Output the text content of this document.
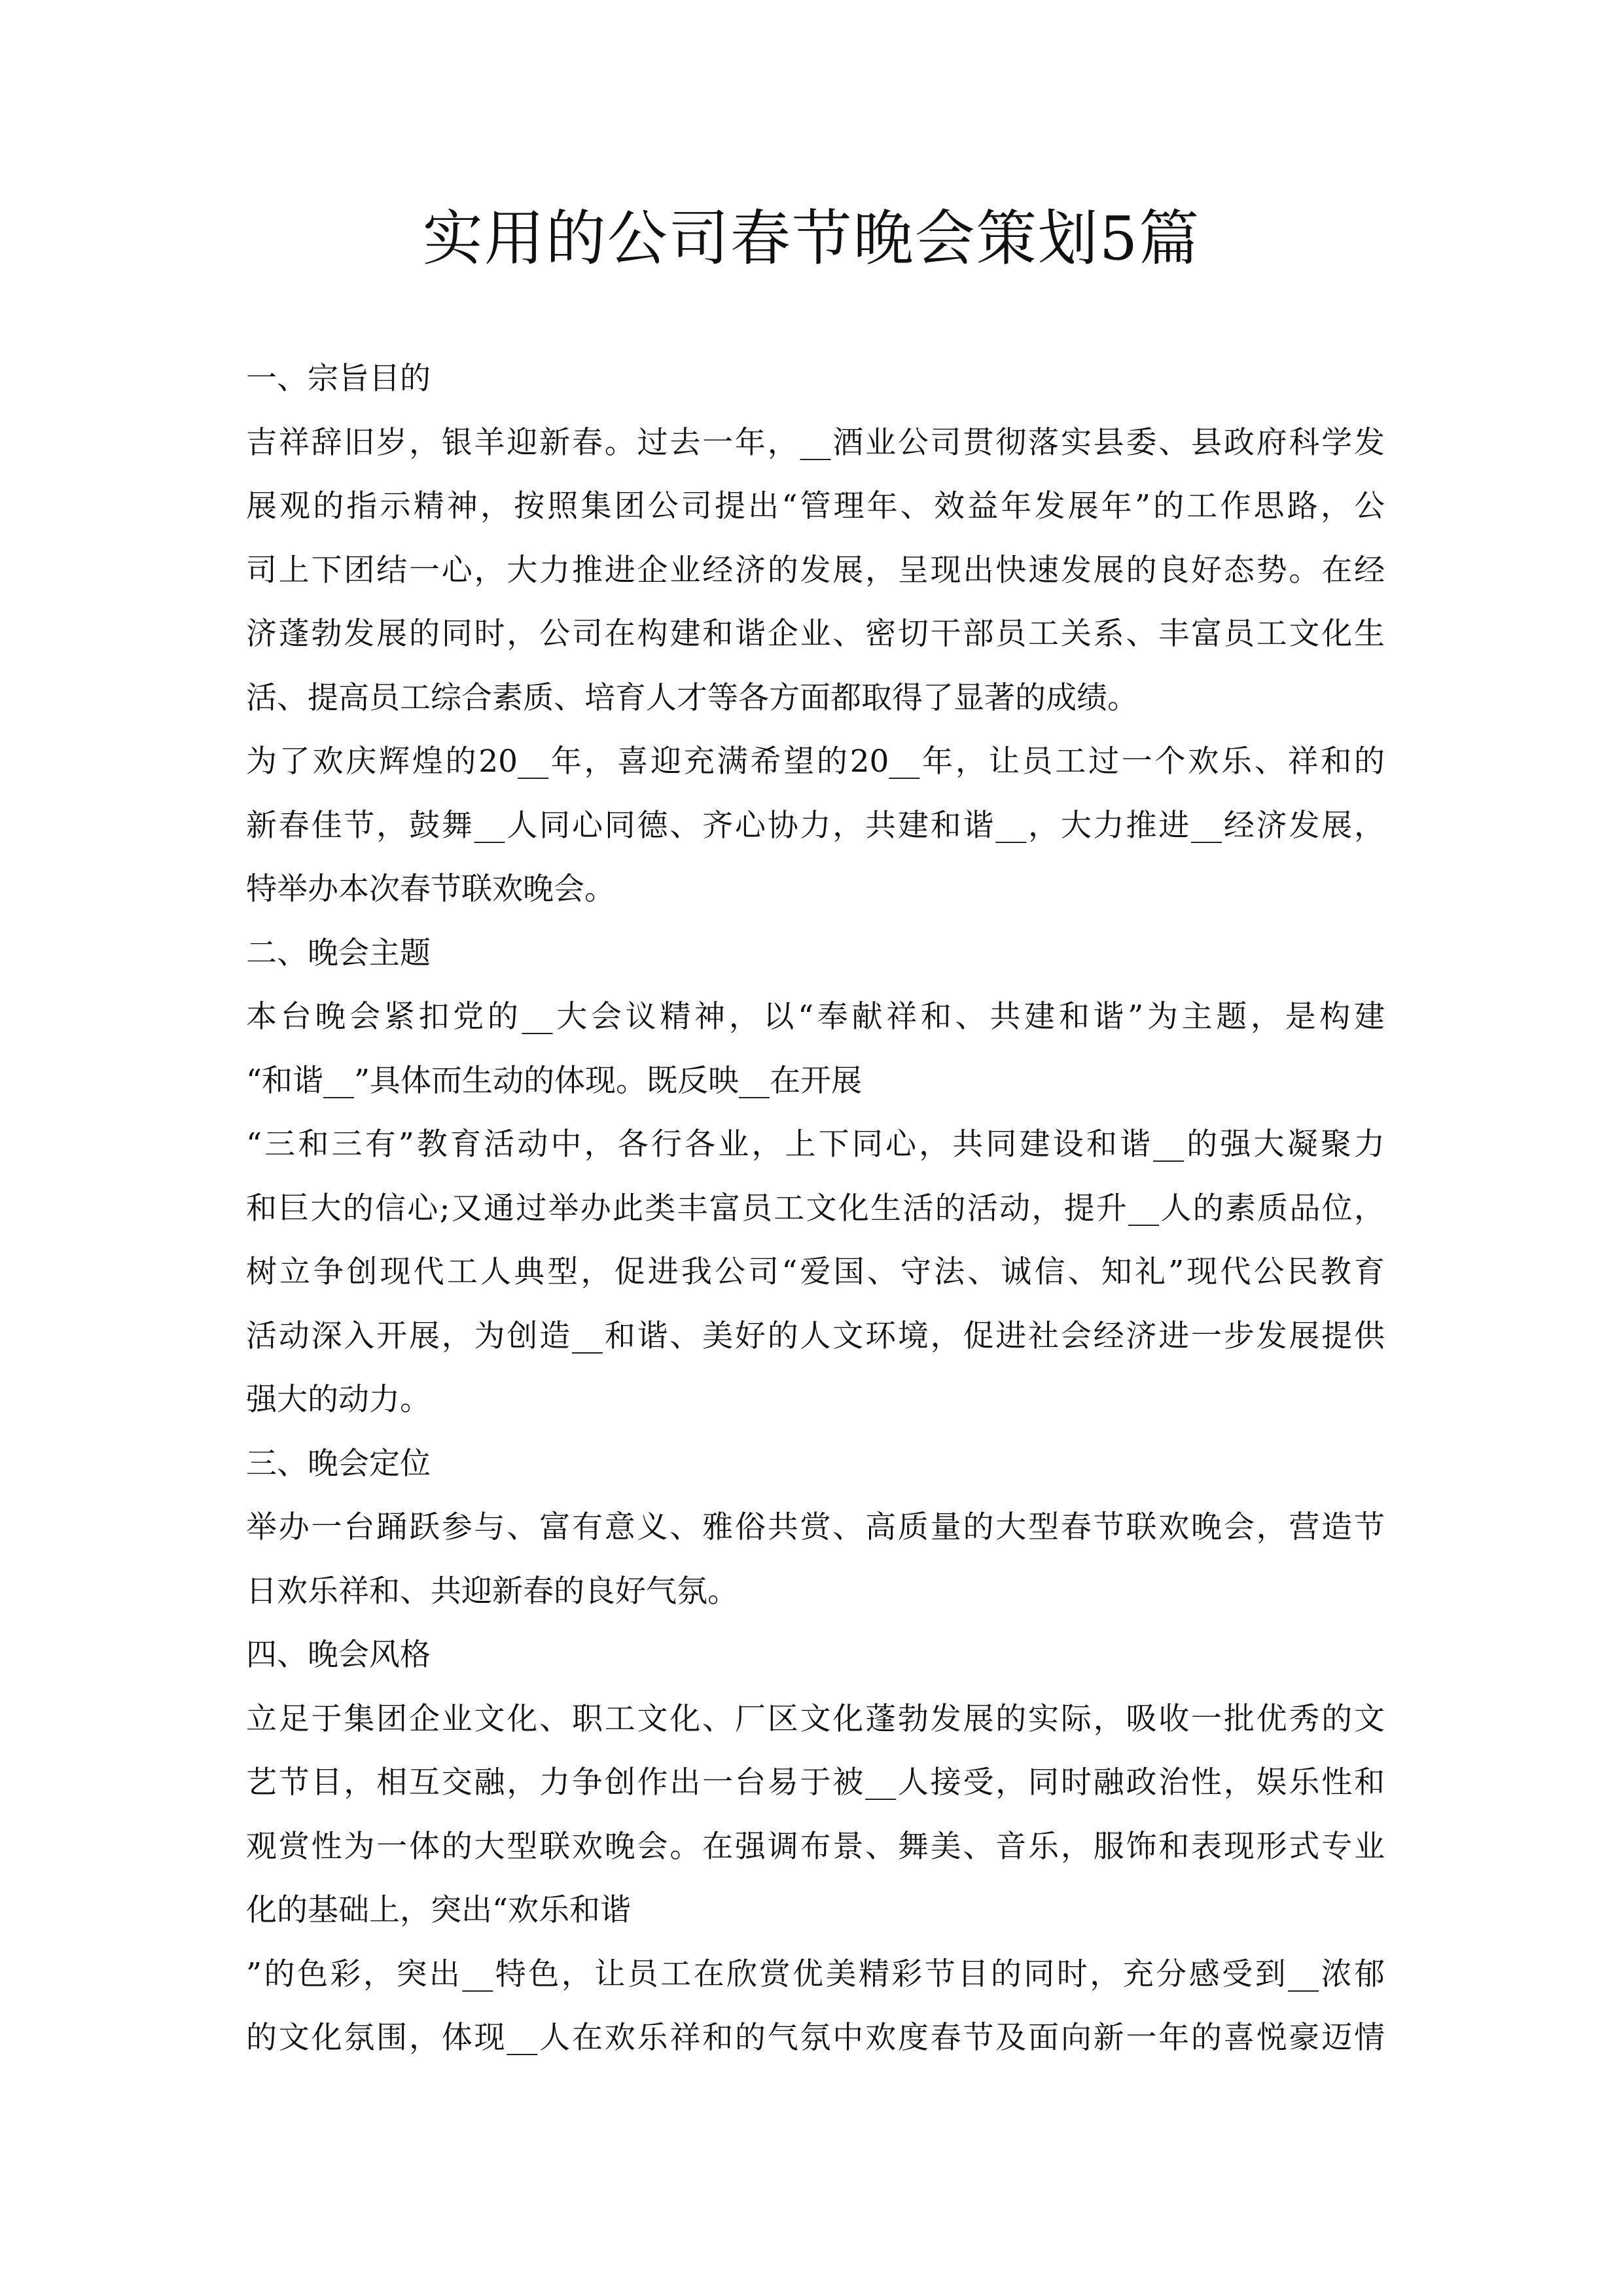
实用的公司春节晚会策划5篇
一、宗旨目的
吉祥辞旧岁，银羊迎新春。过去一年，__酒业公司贯彻落实县委、县政府科学发
展观的指示精神，按照集团公司提出“管理年、效益年发展年”的工作思路，公
司上下团结一心，大力推进企业经济的发展，呈现出快速发展的良好态势。在经
济蓬勃发展的同时，公司在构建和谐企业、密切干部员工关系、丰富员工文化生
活、提高员工综合素质、培育人才等各方面都取得了显著的成绩。
为了欢庆辉煌的20__年，喜迎充满希望的20__年，让员工过一个欢乐、祥和的
新春佳节，鼓舞__人同心同德、齐心协力，共建和谐__，大力推进__经济发展，
特举办本次春节联欢晚会。
二、晚会主题
本台晚会紧扣党的__大会议精神，以“奉献祥和、共建和谐”为主题，是构建
“和谐__”具体而生动的体现。既反映__在开展
“三和三有”教育活动中，各行各业，上下同心，共同建设和谐__的强大凝聚力
和巨大的信心;又通过举办此类丰富员工文化生活的活动，提升__人的素质品位，
树立争创现代工人典型，促进我公司“爱国、守法、诚信、知礼”现代公民教育
活动深入开展，为创造__和谐、美好的人文环境，促进社会经济进一步发展提供
强大的动力。
三、晚会定位
举办一台踊跃参与、富有意义、雅俗共赏、高质量的大型春节联欢晚会，营造节
日欢乐祥和、共迎新春的良好气氛。
四、晚会风格
立足于集团企业文化、职工文化、厂区文化蓬勃发展的实际，吸收一批优秀的文
艺节目，相互交融，力争创作出一台易于被__人接受，同时融政治性，娱乐性和
观赏性为一体的大型联欢晚会。在强调布景、舞美、音乐，服饰和表现形式专业
化的基础上，突出“欢乐和谐
”的色彩，突出__特色，让员工在欣赏优美精彩节目的同时，充分感受到__浓郁
的文化氛围，体现__人在欢乐祥和的气氛中欢度春节及面向新一年的喜悦豪迈情
